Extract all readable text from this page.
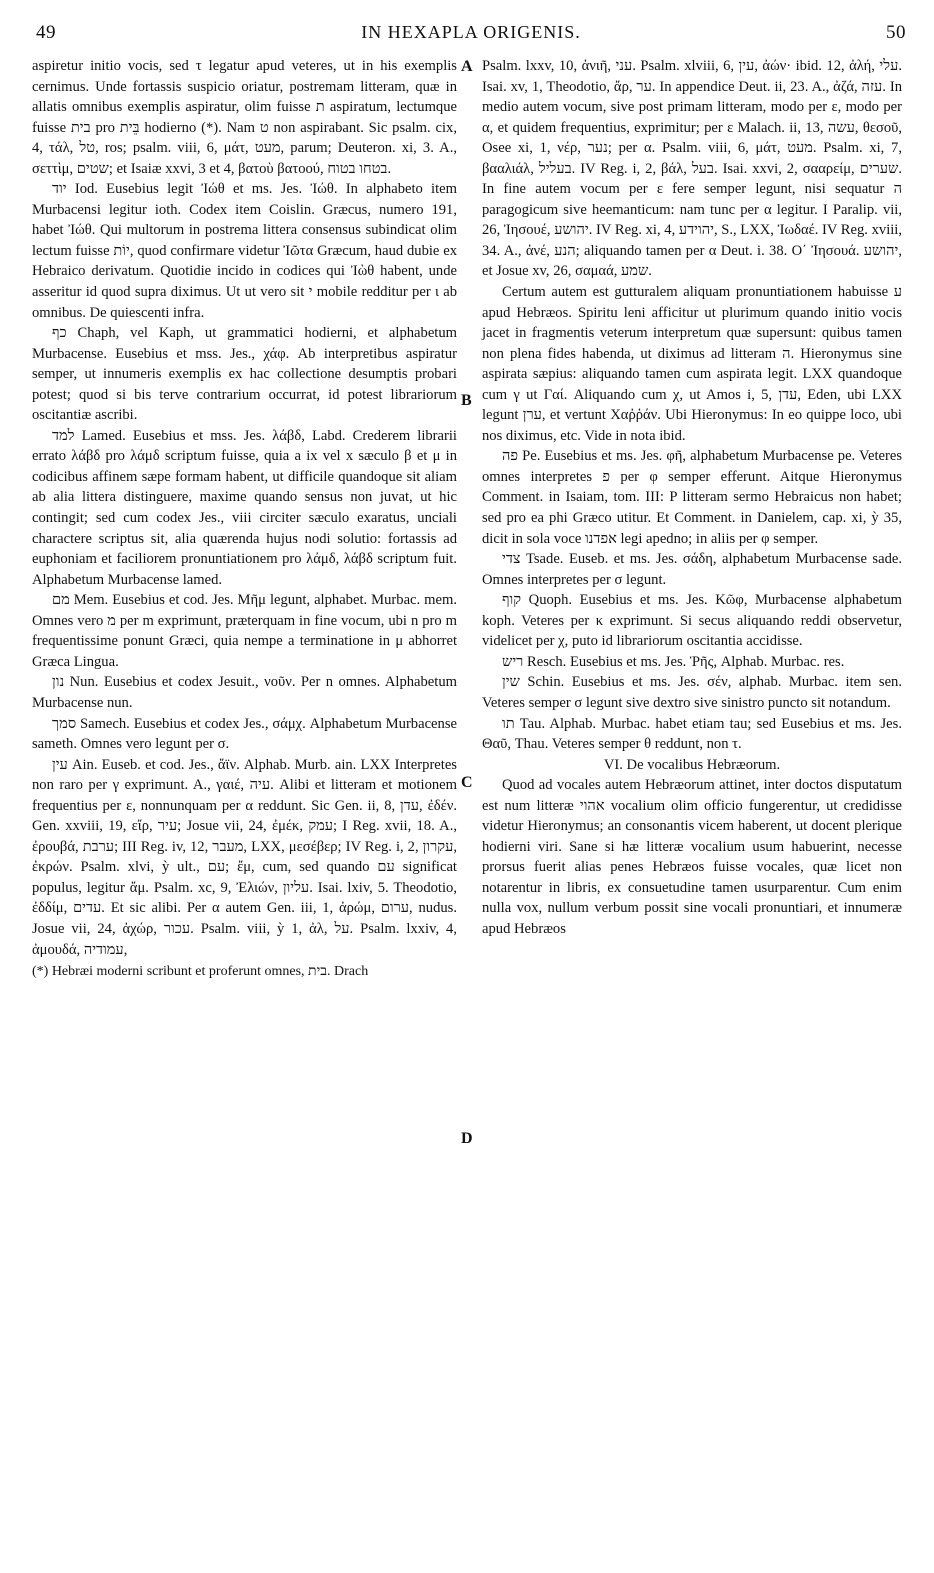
49	IN HEXAPLA ORIGENIS.	50
A
B
C
D

aspiretur initio vocis, sed τ legatur apud veteres, ut in his exemplis cernimus. Unde fortassis suspicio oriatur, postremam litteram, quæ in allatis omnibus exemplis aspiratur, olim fuisse ת aspiratum, lectumque fuisse בית pro בֵּית hodierno (*). Nam ט non aspirabant. Sic psalm. cix, 4, τάλ, טל, ros; psalm. viii, 6, μάτ, מעט, parum; Deuteron. xi, 3. A., σεττὶμ, שטים; et Isaiæ xxvi, 3 et 4, βατοὺ βατοού, בטחו בטוח.

יוד Iod. Eusebius legit Ἰώθ et ms. Jes. Ἰώθ. In alphabeto item Murbacensi legitur ioth. Codex item Coislin. Græcus, numero 191, habet Ἰώθ. Qui multorum in postrema littera consensus subindicat olim lectum fuisse יוֹת, quod confirmare videtur Ἰῶτα Græcum, haud dubie ex Hebraico derivatum. Quotidie incido in codices qui Ἰὼθ habent, unde asseritur id quod supra diximus. Ut ut vero sit י mobile redditur per ι ab omnibus. De quiescenti infra.

כף Chaph, vel Kaph, ut grammatici hodierni, et alphabetum Murbacense. Eusebius et mss. Jes., χάφ. Ab interpretibus aspiratur semper, ut innumeris exemplis ex hac collectione desumptis probari potest; quod si bis terve contrarium occurrat, id potest librariorum oscitantiæ ascribi.

למד Lamed. Eusebius et mss. Jes. λάβδ, Labd. Crederem librarii errato λάβδ pro λάμδ scriptum fuisse, quia a ix vel x sæculo β et μ in codicibus affinem sæpe formam habent, ut difficile quandoque sit aliam ab alia littera distinguere, maxime quando sensus non juvat, ut hic contingit; sed cum codex Jes., viii circiter sæculo exaratus, unciali charactere scriptus sit, alia quærenda hujus nodi solutio: fortassis ad euphoniam et faciliorem pronuntiationem pro λάμδ, λάβδ scriptum fuit. Alphabetum Murbacense lamed.

מם Mem. Eusebius et cod. Jes. Μῆμ legunt, alphabet. Murbac. mem. Omnes vero מ per m exprimunt, præterquam in fine vocum, ubi n pro m frequentissime ponunt Græci, quia nempe a terminatione in μ abhorret Græca Lingua.

נון Nun. Eusebius et codex Jesuit., νοῦν. Per n omnes. Alphabetum Murbacense nun.

סמך Samech. Eusebius et codex Jes., σάμχ. Alphabetum Murbacense sameth. Omnes vero legunt per σ.

עין Ain. Euseb. et cod. Jes., ἄϊν. Alphab. Murb. ain. LXX Interpretes non raro per γ exprimunt. A., γαιέ, עיה. Alibi et litteram et motionem frequentius per ε, nonnunquam per α reddunt. Sic Gen. ii, 8, עדן, ἐδέν. Gen. xxviii, 19, εἴρ, עיר; Josue vii, 24, ἐμέκ, עמק; I Reg. xvii, 18. A., ἐρουβά, ערבת; III Reg. iv, 12, מעבר, LXX, μεσέβερ; IV Reg. i, 2, עקרון, ἐκρών. Psalm. xlvi, ỳ ult., עם; ἔμ, cum, sed quando עם significat populus, legitur ἄμ. Psalm. xc, 9, Ἐλιών, עליון. Isai. lxiv, 5. Theodotio, ἐδδίμ, עדים. Et sic alibi. Per α autem Gen. iii, 1, ἀρώμ, ערום, nudus. Josue vii, 24, ἀχώρ, עכור. Psalm. viii, ỳ 1, ἀλ, על. Psalm. lxxiv, 4, ἀμουδά, עמודיה,

(*) Hebræi moderni scribunt et proferunt omnes, בית. Drach

Psalm. lxxv, 10, ἀνιῆ, עני. Psalm. xlviii, 6, עין, ἀών· ibid. 12, ἀλή, עלי. Isai. xv, 1, Theodotio, ἄρ, ער. In appendice Deut. ii, 23. A., ἀζά, עזה. In medio autem vocum, sive post primam litteram, modo per ε, modo per α, et quidem frequentius, exprimitur; per ε Malach. ii, 13, עשה, θεσοῦ, Osee xi, 1, νέρ, נער; per α. Psalm. viii, 6, μάτ, מעט. Psalm. xi, 7, βααλιάλ, בעליל. IV Reg. i, 2, βάλ, בעל. Isai. xxvi, 2, σααρείμ, שערים. In fine autem vocum per ε fere semper legunt, nisi sequatur ה paragogicum sive heemanticum: nam tunc per α legitur. I Paralip. vii, 26, Ἰησουέ, יהושע. IV Reg. xi, 4, יהוידע, S., LXX, Ἰωδαέ. IV Reg. xviii, 34. A., ἀνέ, הנע; aliquando tamen per α Deut. i. 38. Ο΄ Ἰησουά. יהושע, et Josue xv, 26, σαμαά, שמע.

Certum autem est gutturalem aliquam pronuntiationem habuisse ע apud Hebræos. Spiritu leni afficitur ut plurimum quando initio vocis jacet in fragmentis veterum interpretum quæ supersunt: quibus tamen non plena fides habenda, ut diximus ad litteram ה. Hieronymus sine aspirata sæpius: aliquando tamen cum aspirata legit. LXX quandoque cum γ ut Γαί. Aliquando cum χ, ut Amos i, 5, עדן, Eden, ubi LXX legunt ערן, et vertunt Χαῤῥάν. Ubi Hieronymus: In eo quippe loco, ubi nos diximus, etc. Vide in nota ibid.

פה Pe. Eusebius et ms. Jes. φῆ, alphabetum Murbacense pe. Veteres omnes interpretes פ per φ semper efferunt. Aitque Hieronymus Comment. in Isaiam, tom. III: P litteram sermo Hebraicus non habet; sed pro ea phi Græco utitur. Et Comment. in Danielem, cap. xi, ỳ 35, dicit in sola voce אפדנו legi apedno; in aliis per φ semper.

צדי Tsade. Euseb. et ms. Jes. σάδη, alphabetum Murbacense sade. Omnes interpretes per σ legunt.

קוף Quoph. Eusebius et ms. Jes. Κῶφ, Murbacense alphabetum koph. Veteres per κ exprimunt. Si secus aliquando reddi observetur, videlicet per χ, puto id librariorum oscitantia accidisse.

ריש Resch. Eusebius et ms. Jes. Ῥῆς, Alphab. Murbac. res.

שין Schin. Eusebius et ms. Jes. σέν, alphab. Murbac. item sen. Veteres semper σ legunt sive dextro sive sinistro puncto sit notandum.

תו Tau. Alphab. Murbac. habet etiam tau; sed Eusebius et ms. Jes. Θαῦ, Thau. Veteres semper θ reddunt, non τ.

VI. De vocalibus Hebræorum.

Quod ad vocales autem Hebræorum attinet, inter doctos disputatum est num litteræ אהוי vocalium olim officio fungerentur, ut credidisse videtur Hieronymus; an consonantis vicem haberent, ut docent plerique hodierni viri. Sane si hæ litteræ vocalium usum habuerint, necesse prorsus fuerit alias penes Hebræos fuisse vocales, quæ licet non notarentur in libris, ex consuetudine tamen usurparentur. Cum enim nulla vox, nullum verbum possit sine vocali pronuntiari, et innumeræ apud Hebræos
